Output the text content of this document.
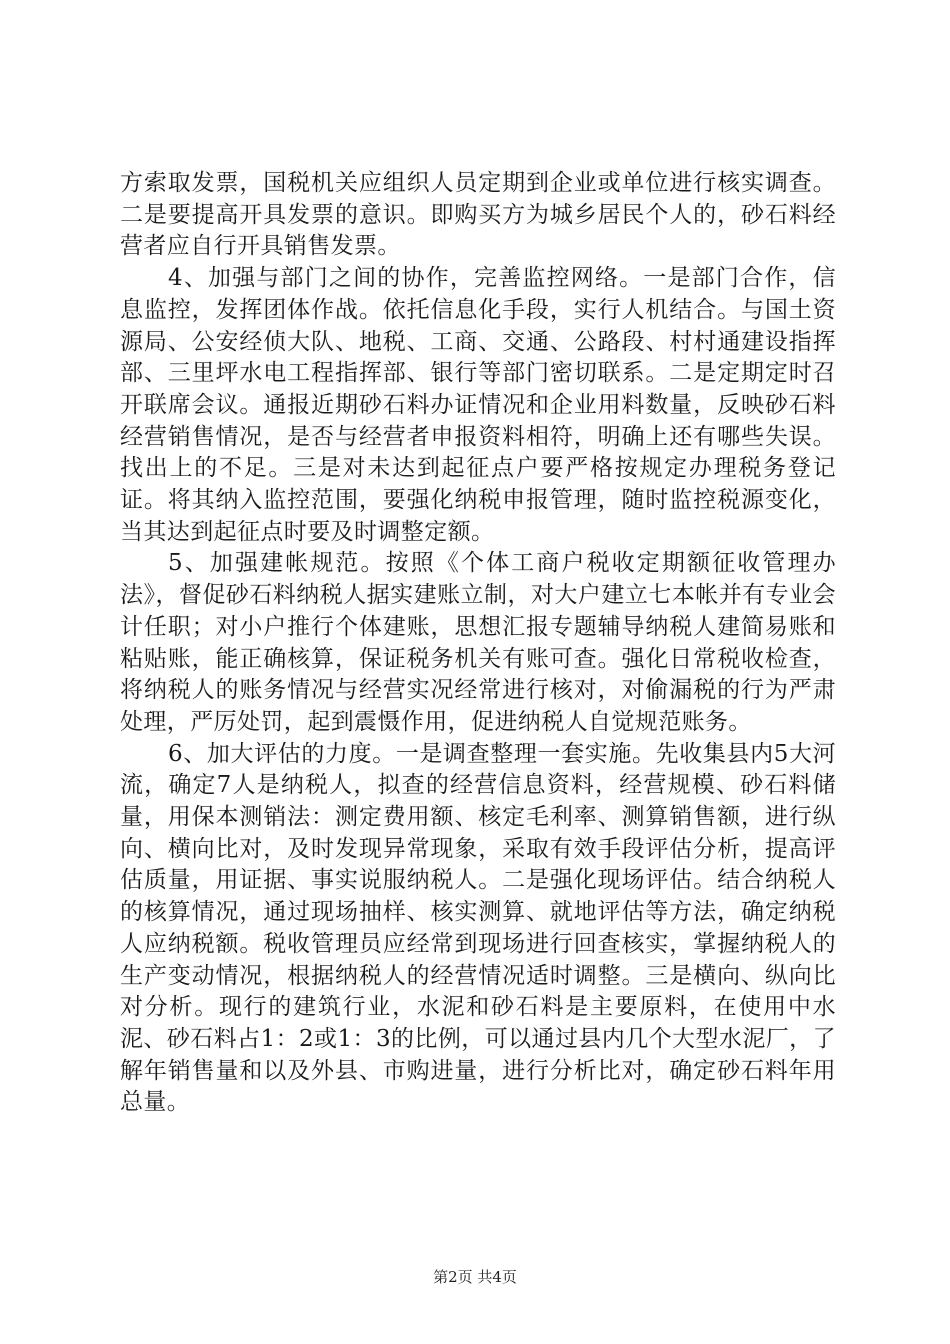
方索取发票，国税机关应组织人员定期到企业或单位进行核实调查。二是要提高开具发票的意识。即购买方为城乡居民个人的，砂石料经营者应自行开具销售发票。

4、加强与部门之间的协作，完善监控网络。一是部门合作，信息监控，发挥团体作战。依托信息化手段，实行人机结合。与国土资源局、公安经侦大队、地税、工商、交通、公路段、村村通建设指挥部、三里坪水电工程指挥部、银行等部门密切联系。二是定期定时召开联席会议。通报近期砂石料办证情况和企业用料数量，反映砂石料经营销售情况，是否与经营者申报资料相符，明确上还有哪些失误。找出上的不足。三是对未达到起征点户要严格按规定办理税务登记证。将其纳入监控范围，要强化纳税申报管理，随时监控税源变化，当其达到起征点时要及时调整定额。

5、加强建帐规范。按照《个体工商户税收定期额征收管理办法》，督促砂石料纳税人据实建账立制，对大户建立七本帐并有专业会计任职；对小户推行个体建账，思想汇报专题辅导纳税人建简易账和粘贴账，能正确核算，保证税务机关有账可查。强化日常税收检查，将纳税人的账务情况与经营实况经常进行核对，对偷漏税的行为严肃处理，严厉处罚，起到震慑作用，促进纳税人自觉规范账务。

6、加大评估的力度。一是调查整理一套实施。先收集县内5大河流，确定7人是纳税人，拟查的经营信息资料，经营规模、砂石料储量，用保本测销法：测定费用额、核定毛利率、测算销售额，进行纵向、横向比对，及时发现异常现象，采取有效手段评估分析，提高评估质量，用证据、事实说服纳税人。二是强化现场评估。结合纳税人的核算情况，通过现场抽样、核实测算、就地评估等方法，确定纳税人应纳税额。税收管理员应经常到现场进行回查核实，掌握纳税人的生产变动情况，根据纳税人的经营情况适时调整。三是横向、纵向比对分析。现行的建筑行业，水泥和砂石料是主要原料，在使用中水泥、砂石料占1：2或1：3的比例，可以通过县内几个大型水泥厂，了解年销售量和以及外县、市购进量，进行分析比对，确定砂石料年用总量。

第2页 共4页
